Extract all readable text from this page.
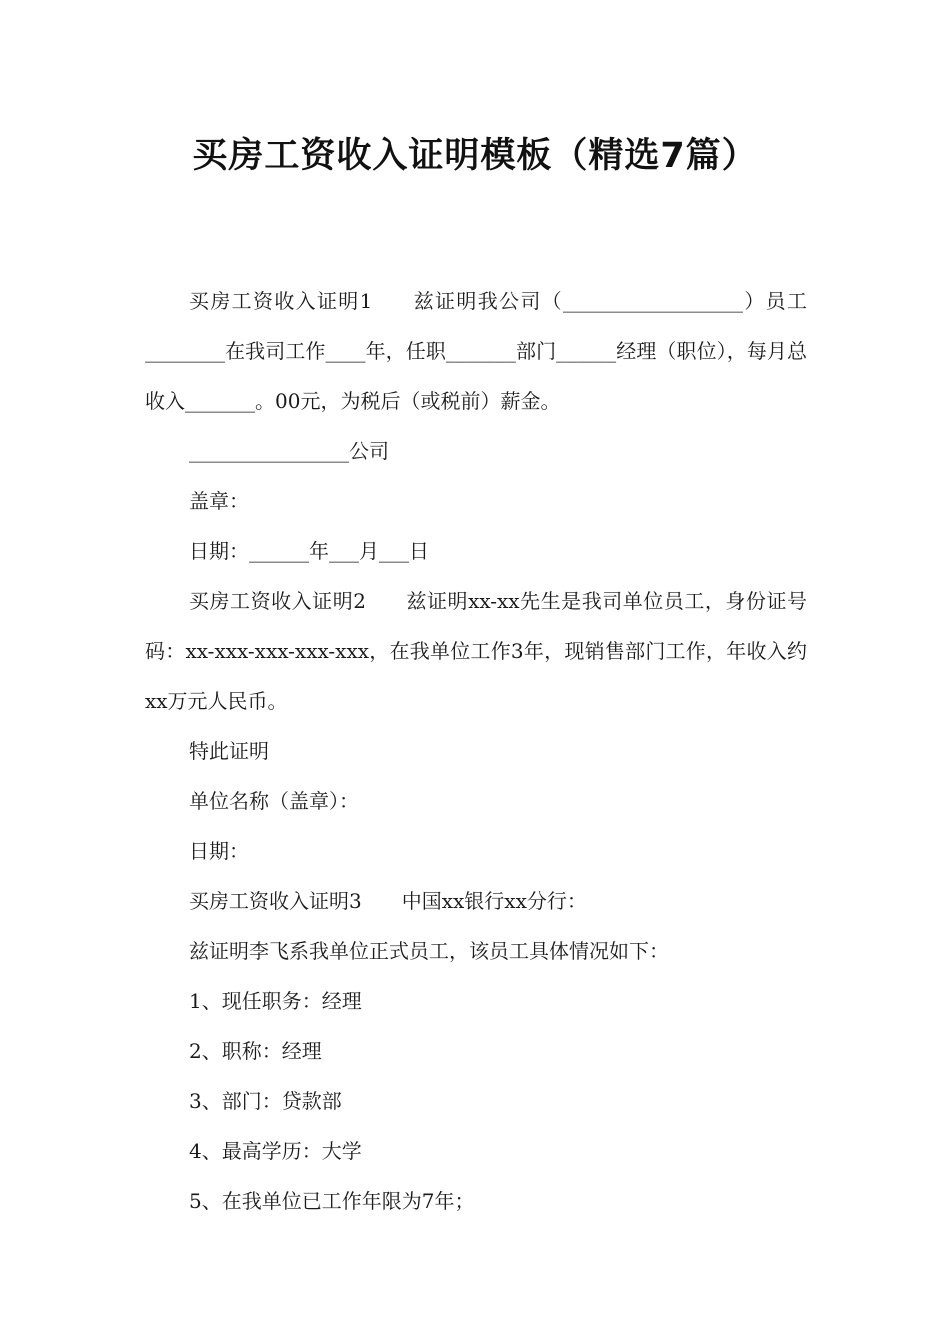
买房工资收入证明模板（精选7篇）

买房工资收入证明1 兹证明我公司（__________________）员工________在我司工作____年，任职_______部门______经理（职位），每月总收入_______。00元，为税后（或税前）薪金。

________________公司

盖章：

日期：______年___月___日

买房工资收入证明2 兹证明xx-xx先生是我司单位员工，身份证号码：xx-xxx-xxx-xxx-xxx，在我单位工作3年，现销售部门工作，年收入约xx万元人民币。

特此证明

单位名称（盖章）：

日期：

买房工资收入证明3 中国xx银行xx分行：

兹证明李飞系我单位正式员工，该员工具体情况如下：

1、现任职务：经理

2、职称：经理

3、部门：贷款部

4、最高学历：大学

5、在我单位已工作年限为7年；
